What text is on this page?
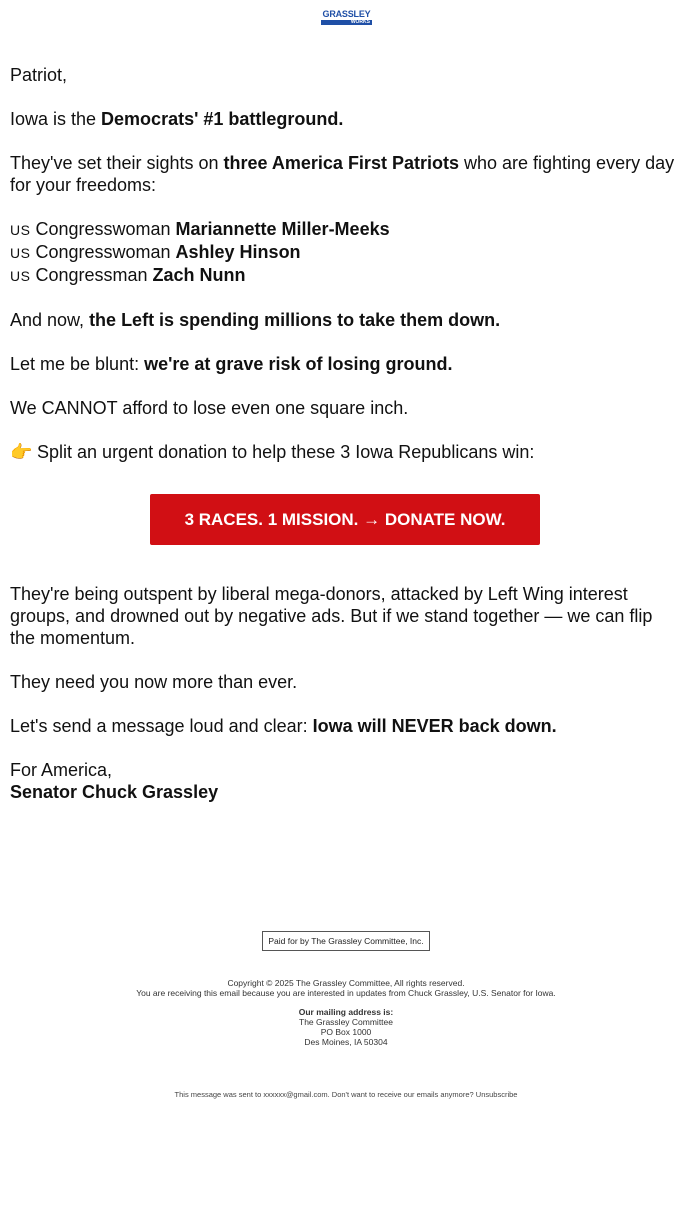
GRASSLEY
WORKS

Patriot,

Iowa is the Democrats' #1 battleground.

They've set their sights on three America First Patriots who are fighting every day for your freedoms:

US Congresswoman Mariannette Miller-Meeks
US Congresswoman Ashley Hinson
US Congressman Zach Nunn

And now, the Left is spending millions to take them down.

Let me be blunt: we're at grave risk of losing ground.

We CANNOT afford to lose even one square inch.

👉 Split an urgent donation to help these 3 Iowa Republicans win:

3 RACES. 1 MISSION. → DONATE NOW.

They're being outspent by liberal mega-donors, attacked by Left Wing interest groups, and drowned out by negative ads. But if we stand together — we can flip the momentum.

They need you now more than ever.

Let's send a message loud and clear: Iowa will NEVER back down.

For America,
Senator Chuck Grassley

Paid for by The Grassley Committee, Inc.
Copyright © 2025 The Grassley Committee, All rights reserved.
You are receiving this email because you are interested in updates from Chuck Grassley, U.S. Senator for Iowa.
Our mailing address is:
The Grassley Committee
PO Box 1000
Des Moines, IA 50304
This message was sent to xxxxxx@gmail.com. Don't want to receive our emails anymore? Unsubscribe
